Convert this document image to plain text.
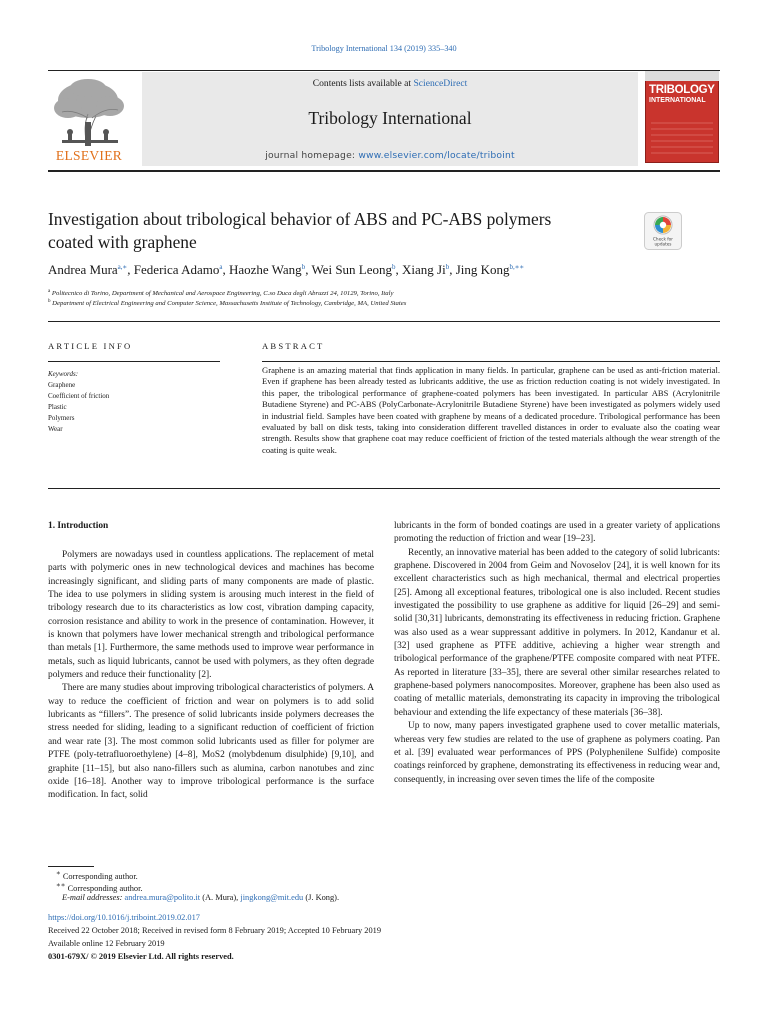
Tribology International 134 (2019) 335–340
ELSEVIER
Contents lists available at ScienceDirect
Tribology International
journal homepage: www.elsevier.com/locate/triboint
TRIBOLOGY
INTERNATIONAL
Investigation about tribological behavior of ABS and PC-ABS polymers
coated with graphene	Check for
updates
Andrea Mura$^{a,∗}$, Federica Adamo$^a$, Haozhe Wang$^b$, Wei Sun Leong$^b$, Xiang Ji$^b$, Jing Kong$^{b,∗∗}$
$^a$ Politecnico di Torino, Department of Mechanical and Aerospace Engineering, C.so Duca degli Abruzzi 24, 10129, Torino, Italy
$^b$ Department of Electrical Engineering and Computer Science, Massachusetts Institute of Technology, Cambridge, MA, United States
ARTICLE INFO	ABSTRACT
Keywords:
Graphene
Coefficient of friction
Plastic
Polymers
Wear
Graphene is an amazing material that finds application in many fields. In particular, graphene can be used as anti-friction material. Even if graphene has been already tested as lubricants additive, the use as friction reduction coating is not widely investigated. In this paper, the tribological performance of graphene-coated polymers has been investigated. In particular ABS (Acrylonitrile Butadiene Styrene) and PC-ABS (PolyCarbonate-Acrylonitrile Butadiene Styrene) have been investigated as polymers widely used in industrial field. Samples have been coated with graphene by means of a dedicated procedure. Tribological performance has been evaluated by ball on disk tests, taking into consideration different travelled distances in order to evaluate also the coating wear strength. Results show that graphene coat may reduce coefficient of friction of the tested materials although the wear strength of the coating is quite weak.
1. Introduction

Polymers are nowadays used in countless applications. The replacement of metal parts with polymeric ones in new technological devices and machines has become increasingly significant, and sliding parts of many components are made of plastic. The idea to use polymers in sliding system is arousing much interest in the field of tribology research due to its characteristics as low cost, vibration damping capacity, corrosion resistance and ability to work in the presence of contamination. However, it is known that polymers have lower mechanical strength and tribological performance than metals [1]. Furthermore, the same methods used to improve wear performance in metals, such as liquid lubricants, cannot be used with polymers, as they often degrade polymers and reduce their functionality [2].

There are many studies about improving tribological characteristics of polymers. A way to reduce the coefficient of friction and wear on polymers is to add solid lubricants as “fillers”. The presence of solid lubricants inside polymers decreases the stress needed for sliding, leading to a significant reduction of coefficient of friction and wear rate [3]. The most common solid lubricants used as filler for polymer are PTFE (poly-tetrafluoroethylene) [4–8], MoS2 (molybdenum disulphide) [9,10], and graphite [11–15], but also nano-fillers such as alumina, carbon nanotubes and zinc oxide [16–18]. Another way to improve tribological performance is the surface modification. In fact, solid

lubricants in the form of bonded coatings are used in a greater variety of applications promoting the reduction of friction and wear [19–23].

Recently, an innovative material has been added to the category of solid lubricants: graphene. Discovered in 2004 from Geim and Novoselov [24], it is well known for its excellent characteristics such as high mechanical, thermal and electrical properties [25]. Among all exceptional features, tribological one is also included. Recent studies investigated the possibility to use graphene as additive for liquid [26–29] and semi-solid [30,31] lubricants, demonstrating its effectiveness in reducing friction. Graphene was also used as a wear suppressant additive in polymers. In 2012, Kandanur et al. [32] used graphene as PTFE additive, achieving a higher wear strength and tribological performance of the graphene/PTFE composite compared with neat PTFE. As reported in literature [33–35], there are several other similar researches related to graphene-based polymers nanocomposites. Moreover, graphene has been also used as coating of metallic materials, demonstrating its capacity in improving the tribological behaviour and extending the life expectancy of these materials [36–38].

Up to now, many papers investigated graphene used to cover metallic materials, whereas very few studies are related to the use of graphene as polymers coating. Pan et al. [39] evaluated wear performances of PPS (Polyphenilene Sulfide) composite coatings reinforced by graphene, demonstrating its effectiveness in reducing wear and, consequently, in increasing over seven times the life of the composite

∗ Corresponding author.
∗∗ Corresponding author.
E-mail addresses: andrea.mura@polito.it (A. Mura), jingkong@mit.edu (J. Kong).
https://doi.org/10.1016/j.triboint.2019.02.017
Received 22 October 2018; Received in revised form 8 February 2019; Accepted 10 February 2019
Available online 12 February 2019
0301-679X/ © 2019 Elsevier Ltd. All rights reserved.
